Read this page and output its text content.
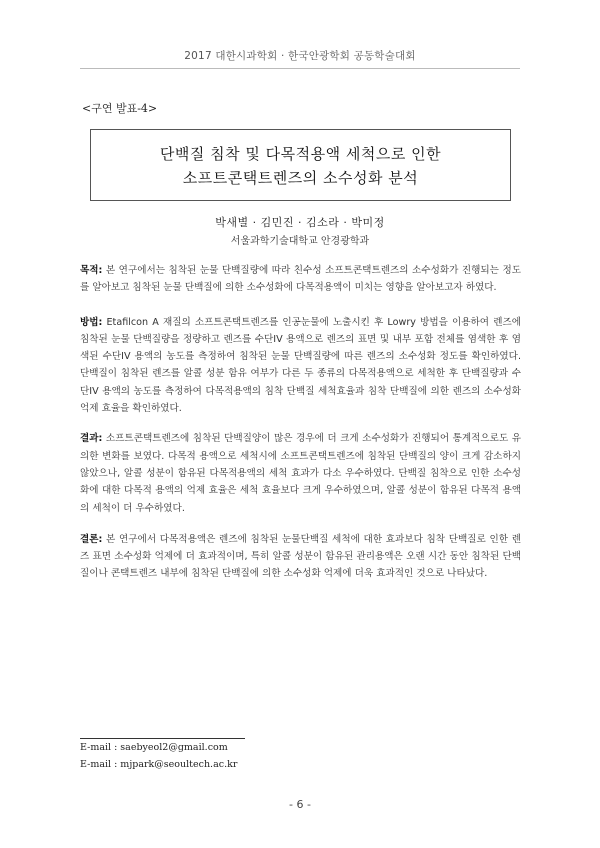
2017 대한시과학회 · 한국안광학회 공동학술대회
<구연 발표-4>
단백질 침착 및 다목적용액 세척으로 인한
소프트콘택트렌즈의 소수성화 분석
박새별 · 김민진 · 김소라 · 박미정
서울과학기술대학교 안경광학과

목적: 본 연구에서는 침착된 눈물 단백질량에 따라 친수성 소프트콘택트렌즈의 소수성화가 진행되는 정도를 알아보고 침착된 눈물 단백질에 의한 소수성화에 다목적용액이 미치는 영향을 알아보고자 하였다.

방법: Etafilcon A 재질의 소프트콘택트렌즈를 인공눈물에 노출시킨 후 Lowry 방법을 이용하여 렌즈에 침착된 눈물 단백질량을 정량하고 렌즈를 수단IV 용액으로 렌즈의 표면 및 내부 포함 전체를 염색한 후 염색된 수단IV 용액의 농도를 측정하여 침착된 눈물 단백질량에 따른 렌즈의 소수성화 정도를 확인하였다. 단백질이 침착된 렌즈를 알콜 성분 함유 여부가 다른 두 종류의 다목적용액으로 세척한 후 단백질량과 수단IV 용액의 농도를 측정하여 다목적용액의 침착 단백질 세척효율과 침착 단백질에 의한 렌즈의 소수성화 억제 효율을 확인하였다.

결과: 소프트콘택트렌즈에 침착된 단백질양이 많은 경우에 더 크게 소수성화가 진행되어 통계적으로도 유의한 변화를 보였다. 다목적 용액으로 세척시에 소프트콘택트렌즈에 침착된 단백질의 양이 크게 감소하지 않았으나, 알콜 성분이 함유된 다목적용액의 세척 효과가 다소 우수하였다. 단백질 침착으로 인한 소수성화에 대한 다목적 용액의 억제 효율은 세척 효율보다 크게 우수하였으며, 알콜 성분이 함유된 다목적 용액의 세척이 더 우수하였다.

결론: 본 연구에서 다목적용액은 렌즈에 침착된 눈물단백질 세척에 대한 효과보다 침착 단백질로 인한 렌즈 표면 소수성화 억제에 더 효과적이며, 특히 알콜 성분이 함유된 관리용액은 오랜 시간 동안 침착된 단백질이나 콘택트렌즈 내부에 침착된 단백질에 의한 소수성화 억제에 더욱 효과적인 것으로 나타났다.

E-mail : saebyeol2@gmail.com
E-mail : mjpark@seoultech.ac.kr
- 6 -
